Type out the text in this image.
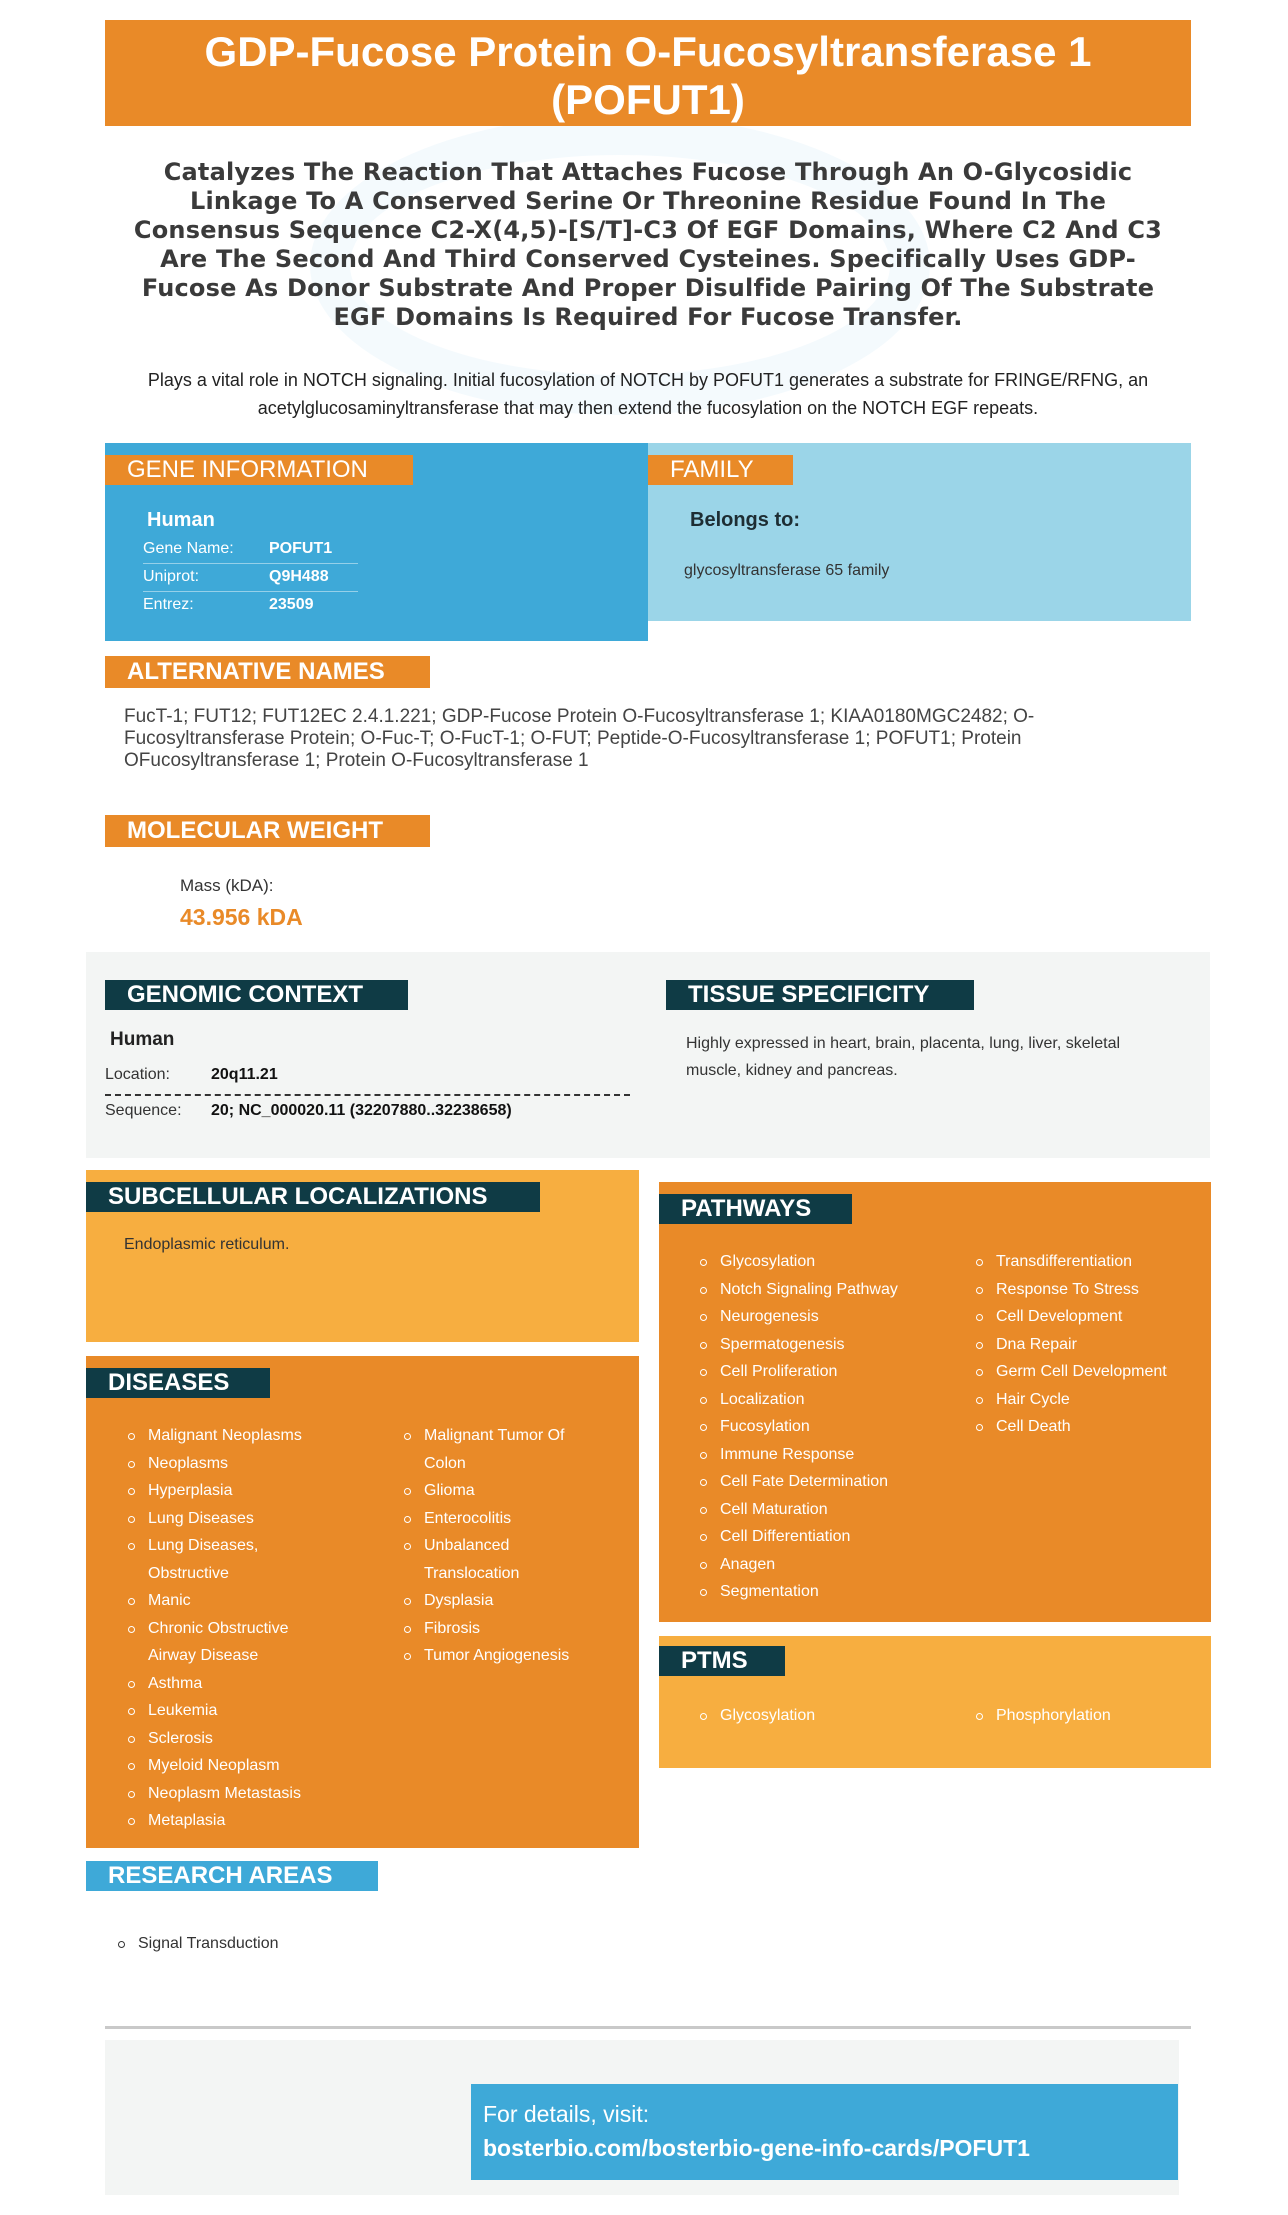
GDP-Fucose Protein O-Fucosyltransferase 1 (POFUT1)
Catalyzes The Reaction That Attaches Fucose Through An O-Glycosidic Linkage To A Conserved Serine Or Threonine Residue Found In The Consensus Sequence C2-X(4,5)-[S/T]-C3 Of EGF Domains, Where C2 And C3 Are The Second And Third Conserved Cysteines. Specifically Uses GDP-Fucose As Donor Substrate And Proper Disulfide Pairing Of The Substrate EGF Domains Is Required For Fucose Transfer.
Plays a vital role in NOTCH signaling. Initial fucosylation of NOTCH by POFUT1 generates a substrate for FRINGE/RFNG, an acetylglucosaminyltransferase that may then extend the fucosylation on the NOTCH EGF repeats.
GENE INFORMATION
Human
Gene Name: POFUT1
Uniprot:	Q9H488
Entrez:	23509
FAMILY
Belongs to:
glycosyltransferase 65 family
ALTERNATIVE NAMES
FucT-1; FUT12; FUT12EC 2.4.1.221; GDP-Fucose Protein O-Fucosyltransferase 1; KIAA0180MGC2482; O-Fucosyltransferase Protein; O-Fuc-T; O-FucT-1; O-FUT; Peptide-O-Fucosyltransferase 1; POFUT1; Protein OFucosyltransferase 1; Protein O-Fucosyltransferase 1
MOLECULAR WEIGHT
Mass (kDA):
43.956 kDA
GENOMIC CONTEXT	TISSUE SPECIFICITY
Human
Location:	20q11.21
Sequence: 20; NC_000020.11 (32207880..32238658)
Highly expressed in heart, brain, placenta, lung, liver, skeletal muscle, kidney and pancreas.
SUBCELLULAR LOCALIZATIONS
Endoplasmic reticulum.
DISEASES
Malignant Neoplasms
Neoplasms
Hyperplasia
Lung Diseases
Lung Diseases, Obstructive
Manic
Chronic Obstructive Airway Disease
Asthma
Leukemia
Sclerosis
Myeloid Neoplasm
Neoplasm Metastasis
Metaplasia
Malignant Tumor Of Colon
Glioma
Enterocolitis
Unbalanced Translocation
Dysplasia
Fibrosis
Tumor Angiogenesis
PATHWAYS
Glycosylation
Notch Signaling Pathway
Neurogenesis
Spermatogenesis
Cell Proliferation
Localization
Fucosylation
Immune Response
Cell Fate Determination
Cell Maturation
Cell Differentiation
Anagen
Segmentation
Transdifferentiation
Response To Stress
Cell Development
Dna Repair
Germ Cell Development
Hair Cycle
Cell Death
PTMS
Glycosylation	Phosphorylation
RESEARCH AREAS
Signal Transduction
For details, visit:
bosterbio.com/bosterbio-gene-info-cards/POFUT1
